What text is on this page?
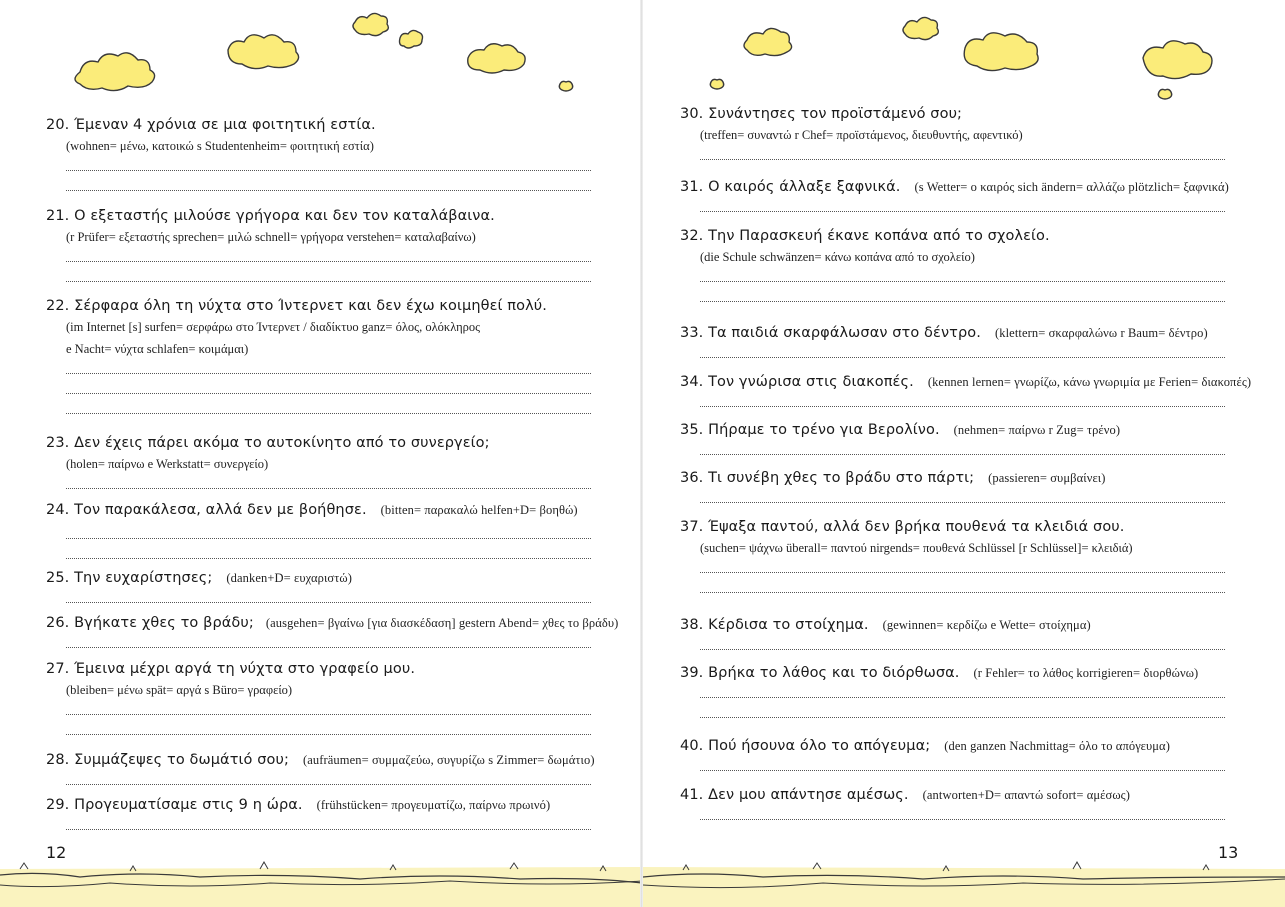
20. Έμεναν 4 χρόνια σε μια φοιτητική εστία.
(wohnen= μένω, κατοικώ s Studentenheim= φοιτητική εστία)
21. Ο εξεταστής μιλούσε γρήγορα και δεν τον καταλάβαινα.
(r Prüfer= εξεταστής sprechen= μιλώ schnell= γρήγορα verstehen= καταλαβαίνω)
22. Σέρφαρα όλη τη νύχτα στο Ίντερνετ και δεν έχω κοιμηθεί πολύ.
(im Internet [s] surfen= σερφάρω στο Ίντερνετ / διαδίκτυο ganz= όλος, ολόκληρος
e Nacht= νύχτα schlafen= κοιμάμαι)
23. Δεν έχεις πάρει ακόμα το αυτοκίνητο από το συνεργείο;
(holen= παίρνω e Werkstatt= συνεργείο)
24. Τον παρακάλεσα, αλλά δεν με βοήθησε. (bitten= παρακαλώ helfen+D= βοηθώ)
25. Την ευχαρίστησες; (danken+D= ευχαριστώ)
26. Βγήκατε χθες το βράδυ; (ausgehen= βγαίνω [για διασκέδαση] gestern Abend= χθες το βράδυ)
27. Έμεινα μέχρι αργά τη νύχτα στο γραφείο μου.
(bleiben= μένω spät= αργά s Büro= γραφείο)
28. Συμμάζεψες το δωμάτιό σου; (aufräumen= συμμαζεύω, συγυρίζω s Zimmer= δωμάτιο)
29. Προγευματίσαμε στις 9 η ώρα. (frühstücken= προγευματίζω, παίρνω πρωινό)
12
30. Συνάντησες τον προϊστάμενό σου;
(treffen= συναντώ r Chef= προϊστάμενος, διευθυντής, αφεντικό)
31. Ο καιρός άλλαξε ξαφνικά. (s Wetter= ο καιρός sich ändern= αλλάζω plötzlich= ξαφνικά)
32. Την Παρασκευή έκανε κοπάνα από το σχολείο.
(die Schule schwänzen= κάνω κοπάνα από το σχολείο)
33. Τα παιδιά σκαρφάλωσαν στο δέντρο. (klettern= σκαρφαλώνω r Baum= δέντρο)
34. Τον γνώρισα στις διακοπές. (kennen lernen= γνωρίζω, κάνω γνωριμία με Ferien= διακοπές)
35. Πήραμε το τρένο για Βερολίνο. (nehmen= παίρνω r Zug= τρένο)
36. Τι συνέβη χθες το βράδυ στο πάρτι; (passieren= συμβαίνει)
37. Έψαξα παντού, αλλά δεν βρήκα πουθενά τα κλειδιά σου.
(suchen= ψάχνω überall= παντού nirgends= πουθενά Schlüssel [r Schlüssel]= κλειδιά)
38. Κέρδισα το στοίχημα. (gewinnen= κερδίζω e Wette= στοίχημα)
39. Βρήκα το λάθος και το διόρθωσα. (r Fehler= το λάθος korrigieren= διορθώνω)
40. Πού ήσουνα όλο το απόγευμα; (den ganzen Nachmittag= όλο το απόγευμα)
41. Δεν μου απάντησε αμέσως. (antworten+D= απαντώ sofort= αμέσως)
13
